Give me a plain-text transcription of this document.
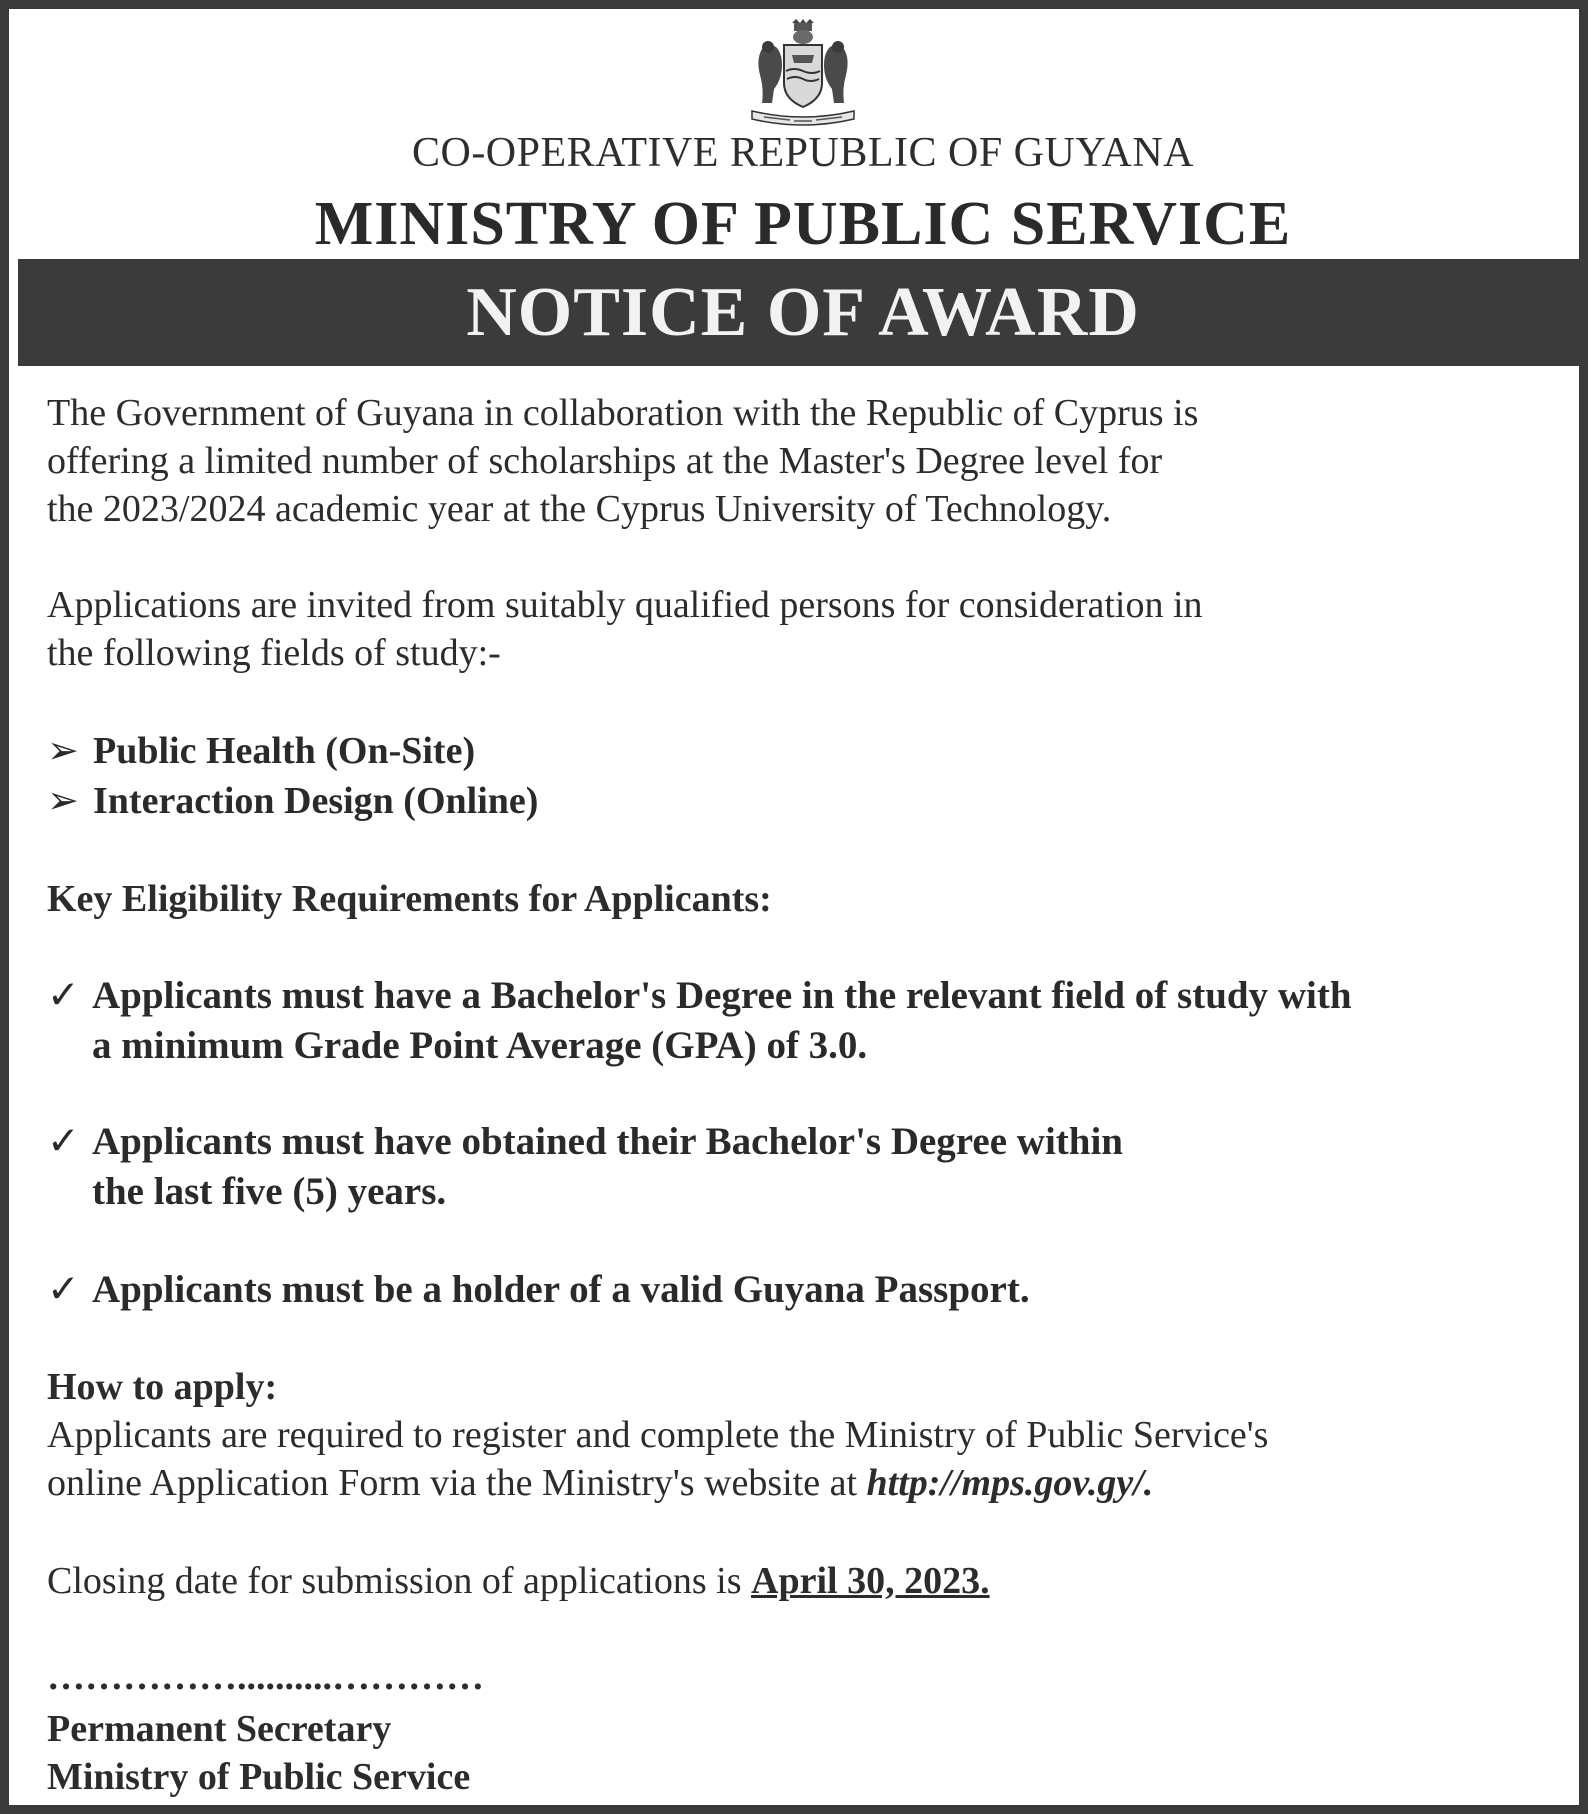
CO-OPERATIVE REPUBLIC OF GUYANA
MINISTRY OF PUBLIC SERVICE
NOTICE OF AWARD
The Government of Guyana in collaboration with the Republic of Cyprus is
offering a limited number of scholarships at the Master's Degree level for
the 2023/2024 academic year at the Cyprus University of Technology.
Applications are invited from suitably qualified persons for consideration in
the following fields of study:-
➢ Public Health (On-Site)
➢ Interaction Design (Online)
Key Eligibility Requirements for Applicants:
✓ Applicants must have a Bachelor's Degree in the relevant field of study with
a minimum Grade Point Average (GPA) of 3.0.
✓ Applicants must have obtained their Bachelor's Degree within
the last five (5) years.
✓ Applicants must be a holder of a valid Guyana Passport.
How to apply:
Applicants are required to register and complete the Ministry of Public Service's
online Application Form via the Ministry's website at http://mps.gov.gy/.
Closing date for submission of applications is April 30, 2023.
……………..........…………
Permanent Secretary
Ministry of Public Service
